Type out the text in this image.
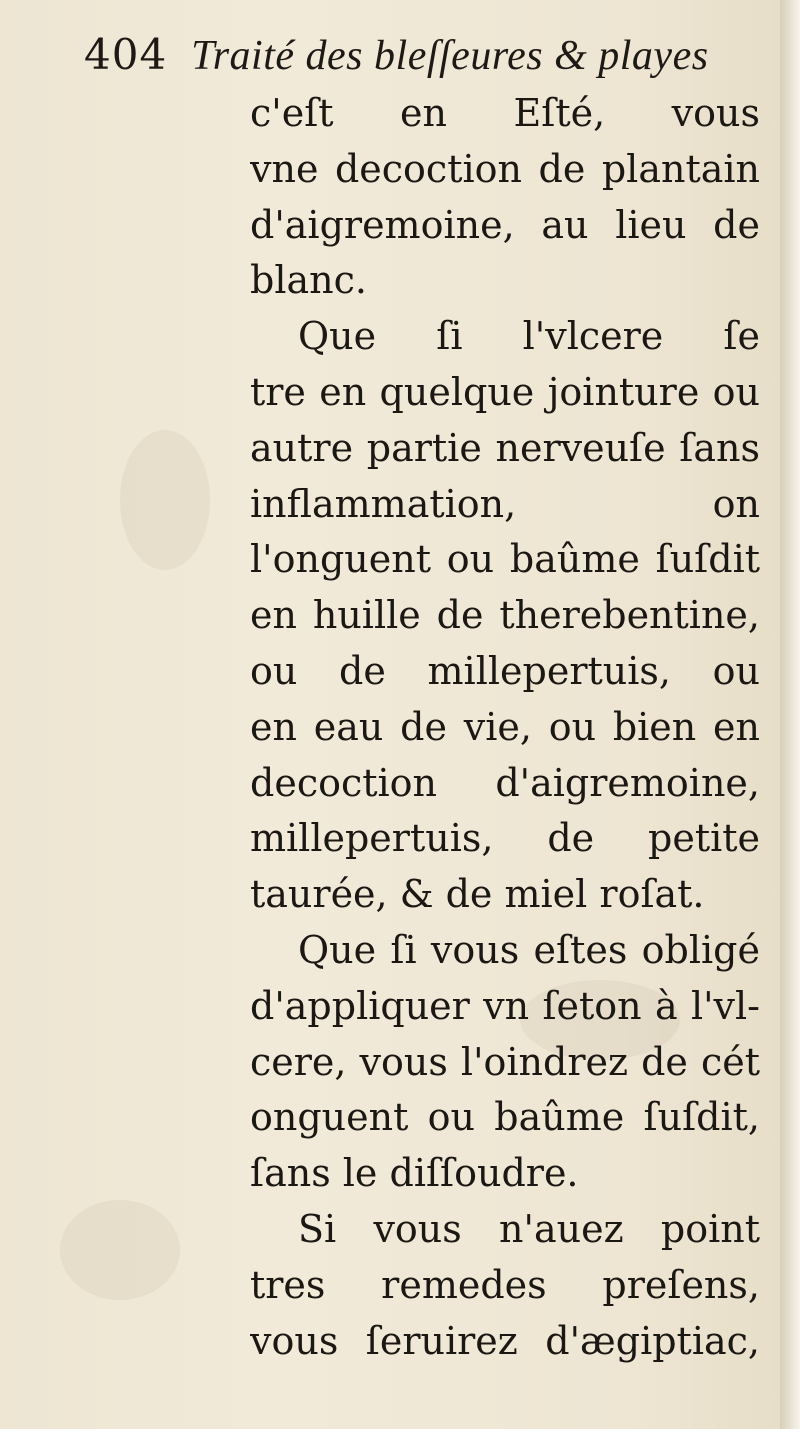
404 Traité des bleſſeures & playes
c'eſt en Eſté, vous
vne decoction de plantain
d'aigremoine, au lieu de
blanc.
Que ſi l'vlcere ſe
tre en quelque jointure ou
autre partie nerveuſe ſans
inflammation, on
l'onguent ou baûme ſuſdit
en huille de therebentine,
ou de millepertuis, ou
en eau de vie, ou bien en
decoction d'aigremoine,
millepertuis, de petite
taurée, & de miel roſat.
Que ſi vous eſtes obligé
d'appliquer vn ſeton à l'vl-
cere, vous l'oindrez de cét
onguent ou baûme ſuſdit,
ſans le diſſoudre.
Si vous n'auez point
tres remedes preſens,
vous ſeruirez d'ægiptiac,
